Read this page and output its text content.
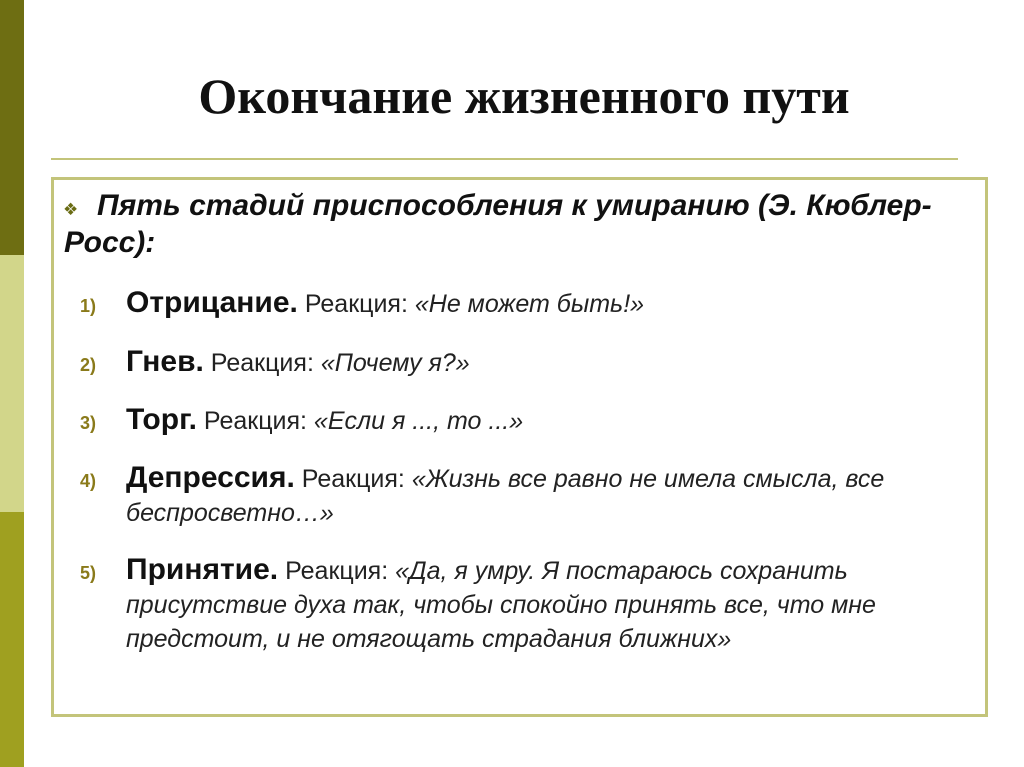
Окончание жизненного пути
❖ Пять стадий приспособления к умиранию (Э. Кюблер-Росс):
1) Отрицание. Реакция: «Не может быть!»
2) Гнев. Реакция: «Почему я?»
3) Торг. Реакция: «Если я ..., то ...»
4) Депрессия. Реакция: «Жизнь все равно не имела смысла, все беспросветно…»
5) Принятие. Реакция: «Да, я умру. Я постараюсь сохранить присутствие духа так, чтобы спокойно принять все, что мне предстоит, и не отягощать страдания ближних»
